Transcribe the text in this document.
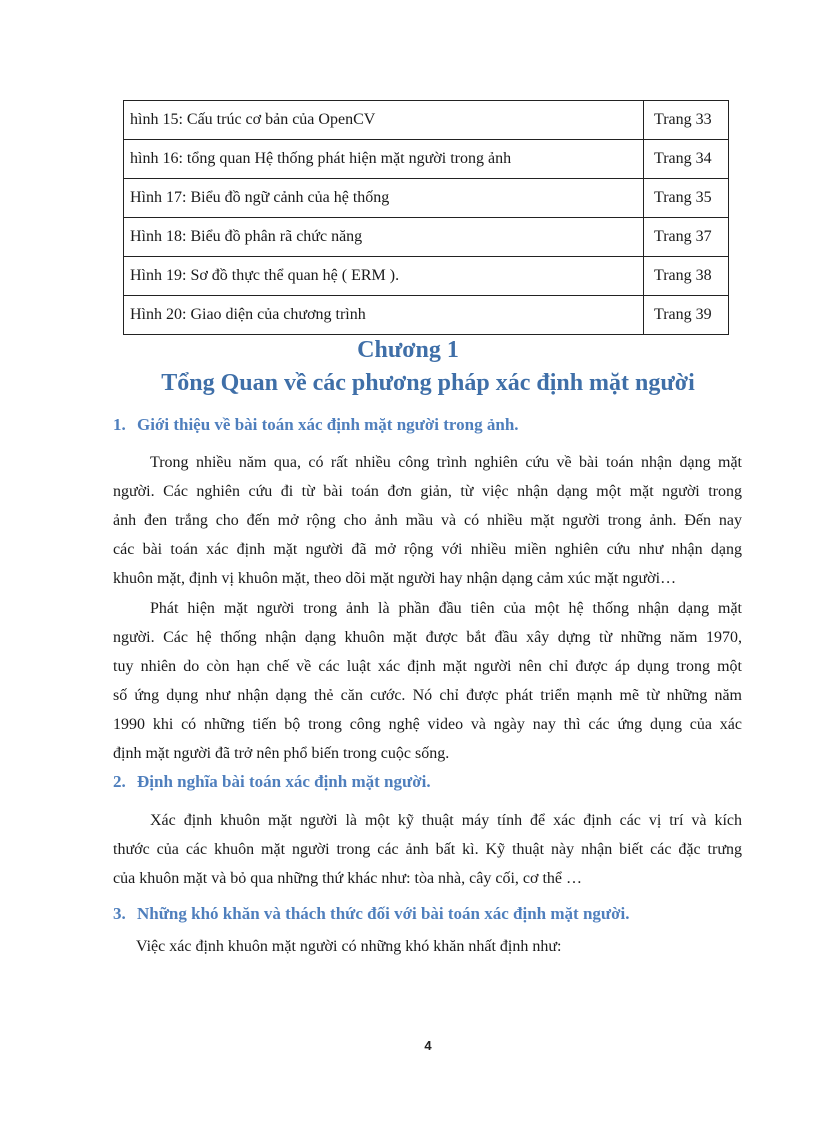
hình 15: Cấu trúc cơ bản của OpenCV	Trang 33
hình 16: tổng quan Hệ thống phát hiện mặt người trong ảnh	Trang 34
Hình 17: Biểu đồ ngữ cảnh của hệ thống	Trang 35
Hình 18: Biểu đồ phân rã chức năng	Trang 37
Hình 19: Sơ đồ thực thể quan hệ ( ERM ).	Trang 38
Hình 20: Giao diện của chương trình	Trang 39
Chương 1
Tổng Quan về các phương pháp xác định mặt người
1. Giới thiệu về bài toán xác định mặt người trong ảnh.

Trong nhiều năm qua, có rất nhiều công trình nghiên cứu về bài toán nhận dạng mặt
người. Các nghiên cứu đi từ bài toán đơn giản, từ việc nhận dạng một mặt người trong
ảnh đen trắng cho đến mở rộng cho ảnh mầu và có nhiều mặt người trong ảnh. Đến nay
các bài toán xác định mặt người đã mở rộng với nhiều miền nghiên cứu như nhận dạng
khuôn mặt, định vị khuôn mặt, theo dõi mặt người hay nhận dạng cảm xúc mặt người…

Phát hiện mặt người trong ảnh là phần đầu tiên của một hệ thống nhận dạng mặt
người. Các hệ thống nhận dạng khuôn mặt được bắt đầu xây dựng từ những năm 1970,
tuy nhiên do còn hạn chế về các luật xác định mặt người nên chỉ được áp dụng trong một
số ứng dụng như nhận dạng thẻ căn cước. Nó chỉ được phát triển mạnh mẽ từ những năm
1990 khi có những tiến bộ trong công nghệ video và ngày nay thì các ứng dụng của xác
định mặt người đã trở nên phổ biến trong cuộc sống.

2. Định nghĩa bài toán xác định mặt người.

Xác định khuôn mặt người là một kỹ thuật máy tính để xác định các vị trí và kích
thước của các khuôn mặt người trong các ảnh bất kì. Kỹ thuật này nhận biết các đặc trưng
của khuôn mặt và bỏ qua những thứ khác như: tòa nhà, cây cối, cơ thể …

3. Những khó khăn và thách thức đối với bài toán xác định mặt người.
Việc xác định khuôn mặt người có những khó khăn nhất định như:
4
